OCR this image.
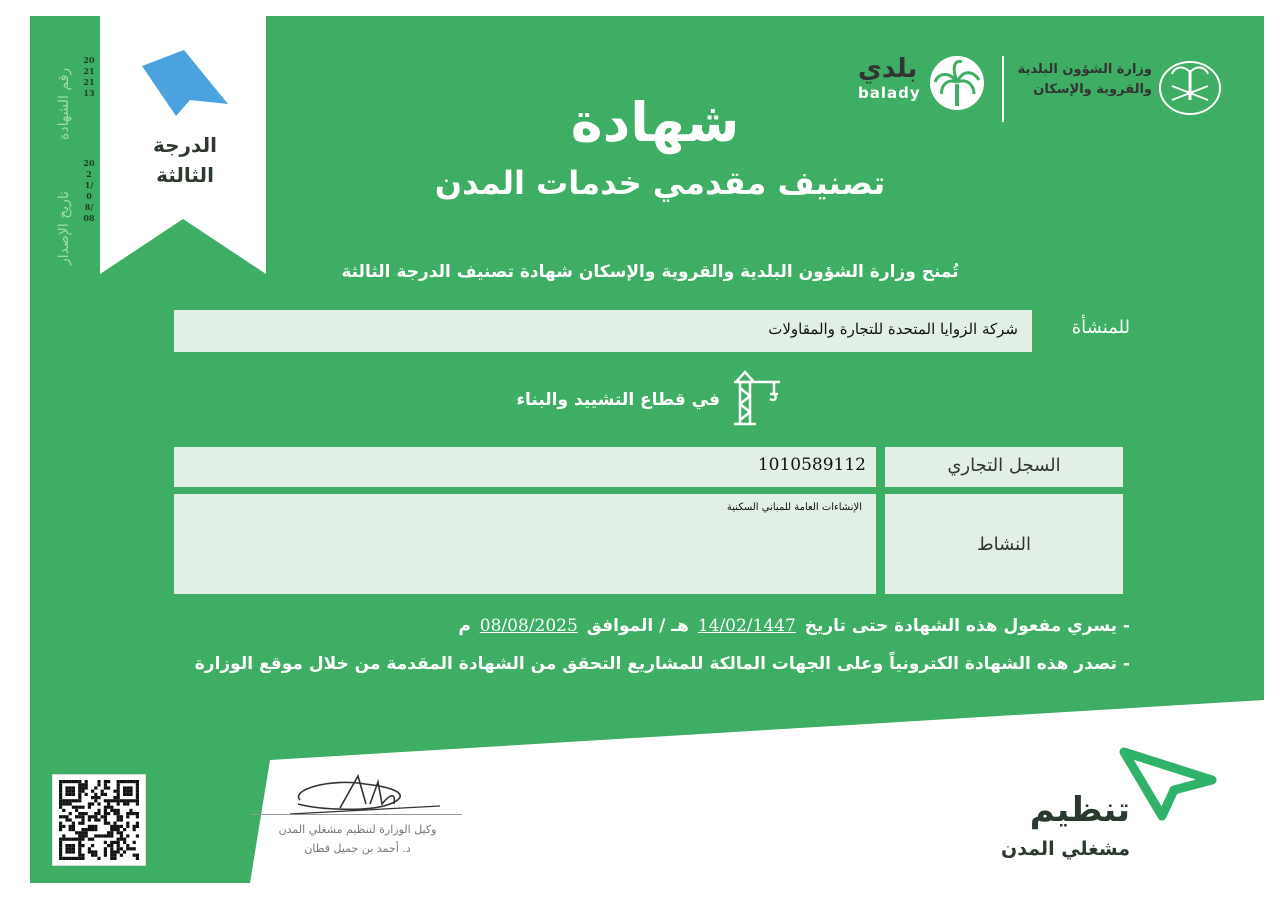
رقم الشهادة
20212113
تاريخ الإصدار
2021/08/08
الدرجة
الثالثة
بلدي
balady
وزارة الشؤون البلدية
والقروية والإسكان
شهادة
تصنيف مقدمي خدمات المدن
تُمنح وزارة الشؤون البلدية والقروية والإسكان شهادة تصنيف الدرجة الثالثة
للمنشأة
شركة الزوايا المتحدة للتجارة والمقاولات
في قطاع التشييد والبناء
1010589112	السجل التجاري
الإنشاءات العامة للمباني السكنية
النشاط
- يسري مفعول هذه الشهادة حتى تاريخ 14/02/1447 هـ / الموافق 08/08/2025 م
- تصدر هذه الشهادة الكترونياً وعلى الجهات المالكة للمشاريع التحقق من الشهادة المقدمة من خلال موقع الوزارة
وكيل الوزارة لتنظيم مشغلي المدن
د. أحمد بن جميل قطان
تنظيم
مشغلي المدن
